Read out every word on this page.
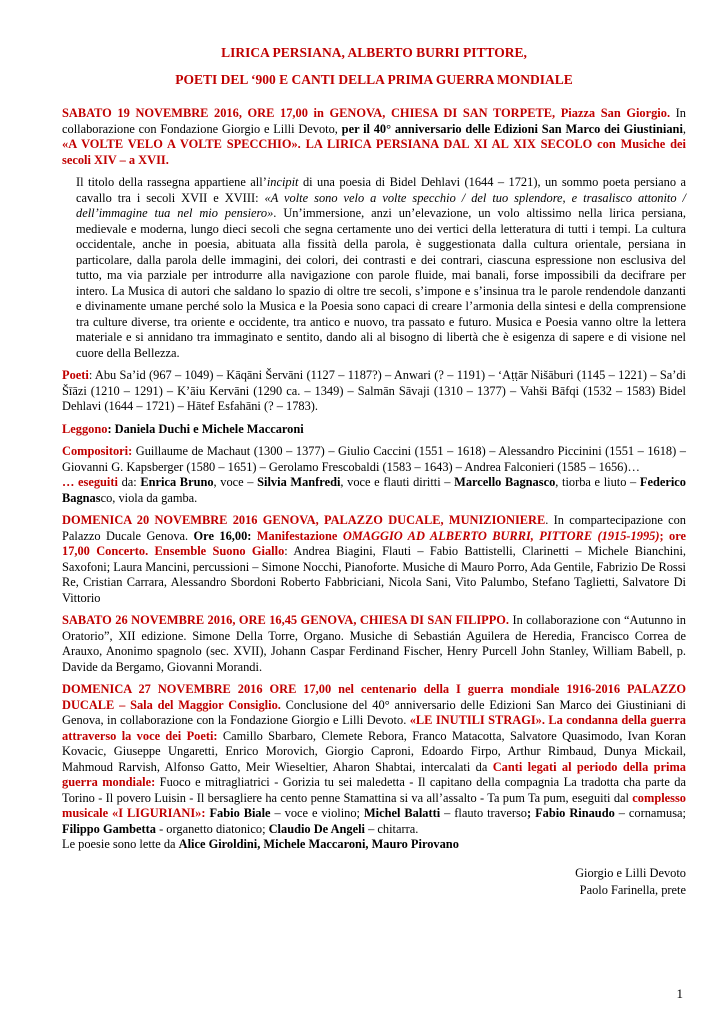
LIRICA PERSIANA, ALBERTO BURRI PITTORE,
POETI DEL ‘900 E CANTI DELLA PRIMA GUERRA MONDIALE

SABATO 19 NOVEMBRE 2016, ORE 17,00 in GENOVA, CHIESA DI SAN TORPETE, Piazza San Giorgio. In collaborazione con Fondazione Giorgio e Lilli Devoto, per il 40° anniversario delle Edizioni San Marco dei Giustiniani, «A VOLTE VELO A VOLTE SPECCHIO». LA LIRICA PERSIANA DAL XI AL XIX SECOLO con Musiche dei secoli XIV – a XVII.

Il titolo della rassegna appartiene all’incipit di una poesia di Bidel Dehlavi (1644 – 1721), un sommo poeta persiano a cavallo tra i secoli XVII e XVIII: «A volte sono velo a volte specchio / del tuo splendore, e trasalisco attonito / dell’immagine tua nel mio pensiero». Un’immersione, anzi un’elevazione, un volo altissimo nella lirica persiana, medievale e moderna, lungo dieci secoli che segna certamente uno dei vertici della letteratura di tutti i tempi. La cultura occidentale, anche in poesia, abituata alla fissità della parola, è suggestionata dalla cultura orientale, persiana in particolare, dalla parola delle immagini, dei colori, dei contrasti e dei contrari, ciascuna espressione non esclusiva del tutto, ma via parziale per introdurre alla navigazione con parole fluide, mai banali, forse impossibili da decifrare per intero. La Musica di autori che saldano lo spazio di oltre tre secoli, s’impone e s’insinua tra le parole rendendole danzanti e divinamente umane perché solo la Musica e la Poesia sono capaci di creare l’armonia della sintesi e della comprensione tra culture diverse, tra oriente e occidente, tra antico e nuovo, tra passato e futuro. Musica e Poesia vanno oltre la lettera materiale e si annidano tra immaginato e sentito, dando ali al bisogno di libertà che è esigenza di sapere e di visione nel cuore della Bellezza.

Poeti: Abu Sa’id (967 – 1049) – Kāqāni Šervāni (1127 – 1187?) – Anwari (? – 1191) – ‘Aṭṭār Nišāburi (1145 – 1221) – Sa’di Šīāzi (1210 – 1291) – K’āiu Kervāni (1290 ca. – 1349) – Salmān Sāvaji (1310 – 1377) – Vahši Bāfqi (1532 – 1583) Bidel Dehlavi (1644 – 1721) – Hātef Esfahāni (? – 1783).

Leggono: Daniela Duchi e Michele Maccaroni

Compositori: Guillaume de Machaut (1300 – 1377) – Giulio Caccini (1551 – 1618) – Alessandro Piccinini (1551 – 1618) – Giovanni G. Kapsberger (1580 – 1651) – Gerolamo Frescobaldi (1583 – 1643) – Andrea Falconieri (1585 – 1656)…

… eseguiti da: Enrica Bruno, voce – Silvia Manfredi, voce e flauti diritti – Marcello Bagnasco, tiorba e liuto – Federico Bagnasco, viola da gamba.

DOMENICA 20 NOVEMBRE 2016 GENOVA, PALAZZO DUCALE, MUNIZIONIERE. In compartecipazione con Palazzo Ducale Genova. Ore 16,00: Manifestazione OMAGGIO AD ALBERTO BURRI, PITTORE (1915-1995); ore 17,00 Concerto. Ensemble Suono Giallo: Andrea Biagini, Flauti – Fabio Battistelli, Clarinetti – Michele Bianchini, Saxofoni; Laura Mancini, percussioni – Simone Nocchi, Pianoforte. Musiche di Mauro Porro, Ada Gentile, Fabrizio De Rossi Re, Cristian Carrara, Alessandro Sbordoni Roberto Fabbriciani, Nicola Sani, Vito Palumbo, Stefano Taglietti, Salvatore Di Vittorio

SABATO 26 NOVEMBRE 2016, ORE 16,45 GENOVA, CHIESA DI SAN FILIPPO. In collaborazione con “Autunno in Oratorio”, XII edizione. Simone Della Torre, Organo. Musiche di Sebastián Aguilera de Heredia, Francisco Correa de Arauxo, Anonimo spagnolo (sec. XVII), Johann Caspar Ferdinand Fischer, Henry Purcell John Stanley, William Babell, p. Davide da Bergamo, Giovanni Morandi.

DOMENICA 27 NOVEMBRE 2016 ORE 17,00 nel centenario della I guerra mondiale 1916-2016 PALAZZO DUCALE – Sala del Maggior Consiglio. Conclusione del 40° anniversario delle Edizioni San Marco dei Giustiniani di Genova, in collaborazione con la Fondazione Giorgio e Lilli Devoto. «LE INUTILI STRAGI». La condanna della guerra attraverso la voce dei Poeti: Camillo Sbarbaro, Clemete Rebora, Franco Matacotta, Salvatore Quasimodo, Ivan Koran Kovacic, Giuseppe Ungaretti, Enrico Morovich, Giorgio Caproni, Edoardo Firpo, Arthur Rimbaud, Dunya Mickail, Mahmoud Rarvish, Alfonso Gatto, Meir Wieseltier, Aharon Shabtai, intercalati da Canti legati al periodo della prima guerra mondiale: Fuoco e mitragliatrici - Gorizia tu sei maledetta - Il capitano della compagnia La tradotta cha parte da Torino - Il povero Luisin - Il bersagliere ha cento penne Stamattina si va all’assalto - Ta pum Ta pum, eseguiti dal complesso musicale «I LIGURIANI»: Fabio Biale – voce e violino; Michel Balatti – flauto traverso; Fabio Rinaudo – cornamusa; Filippo Gambetta - organetto diatonico; Claudio De Angeli – chitarra.

Le poesie sono lette da Alice Giroldini, Michele Maccaroni, Mauro Pirovano

Giorgio e Lilli Devoto
Paolo Farinella, prete
1
